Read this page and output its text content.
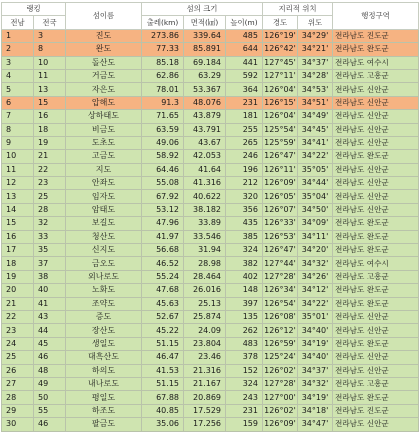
랭킹		섬이름	섬의 크기			지리적 위치		행정구역
전남	전국		출레(km)	면적(㎢)	높이(m)	경도	위도	
1	3	진도	273.86	339.64	485	126°19'	34°29'	전라남도 진도군
2	8	완도	77.33	85.891	644	126°42'	34°21'	전라남도 완도군
3	10	돌산도	85.18	69.184	441	127°45'	34°37'	전라남도 여수시
4	11	거금도	62.86	63.29	592	127°11'	34°28'	전라남도 고흥군
5	13	자은도	78.01	53.367	364	126°04'	34°53'	전라남도 신안군
6	15	압해도	91.3	48.076	231	126°15'	34°51'	전라남도 신안군
7	16	상하태도	71.65	43.879	181	126°04'	34°49'	전라남도 신안군
8	18	비금도	63.59	43.791	255	125°54'	34°45'	전라남도 신안군
9	19	도초도	49.06	43.67	265	125°59'	34°41'	전라남도 신안군
10	21	고금도	58.92	42.053	246	126°47'	34°22'	전라남도 완도군
11	22	지도	64.46	41.64	196	126°11'	35°05'	전라남도 신안군
12	23	안좌도	55.08	41.316	212	126°09'	34°44'	전라남도 신안군
13	25	임자도	67.92	40.622	320	126°05'	35°04'	전라남도 신안군
14	28	암태도	53.12	38.182	356	126°07'	34°50'	전라남도 신안군
15	32	보길도	47.96	33.89	435	126°33'	34°09'	전라남도 완도군
16	33	청산도	41.97	33.546	385	126°53'	34°11'	전라남도 완도군
17	35	신지도	56.68	31.94	324	126°47'	34°20'	전라남도 완도군
18	37	금오도	46.52	28.98	382	127°44'	34°32'	전라남도 여수시
19	38	외나로도	55.24	28.464	402	127°28'	34°26'	전라남도 고흥군
20	40	노화도	47.68	26.016	148	126°34'	34°12'	전라남도 완도군
21	41	조약도	45.63	25.13	397	126°54'	34°22'	전라남도 완도군
22	43	증도	52.67	25.874	135	126°08'	35°01'	전라남도 신안군
23	44	장산도	45.22	24.09	262	126°12'	34°40'	전라남도 신안군
24	45	생일도	51.15	23.804	483	126°59'	34°19'	전라남도 완도군
25	46	대흑산도	46.47	23.46	378	125°24'	34°40'	전라남도 신안군
26	48	하의도	41.53	21.316	152	126°02'	34°37'	전라남도 신안군
27	49	내나로도	51.15	21.167	324	127°28'	34°32'	전라남도 고흥군
28	50	평일도	67.88	20.869	243	127°00'	34°19'	전라남도 완도군
29	55	하조도	40.85	17.529	231	126°02'	34°18'	전라남도 진도군
30	46	팔금도	35.06	17.256	159	126°09'	34°47'	전라남도 신안군
